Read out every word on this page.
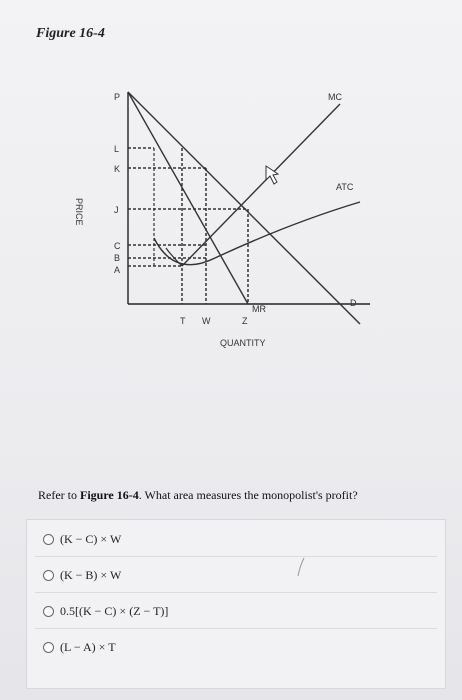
Figure 16-4
PRICE
P
L
K
J
C
B
A
T W	Z
QUANTITY
MC
ATC
MR
D
Refer to Figure 16-4. What area measures the monopolist's profit?
(K − C) × W
(K − B) × W
0.5[(K − C) × (Z − T)]
(L − A) × T
